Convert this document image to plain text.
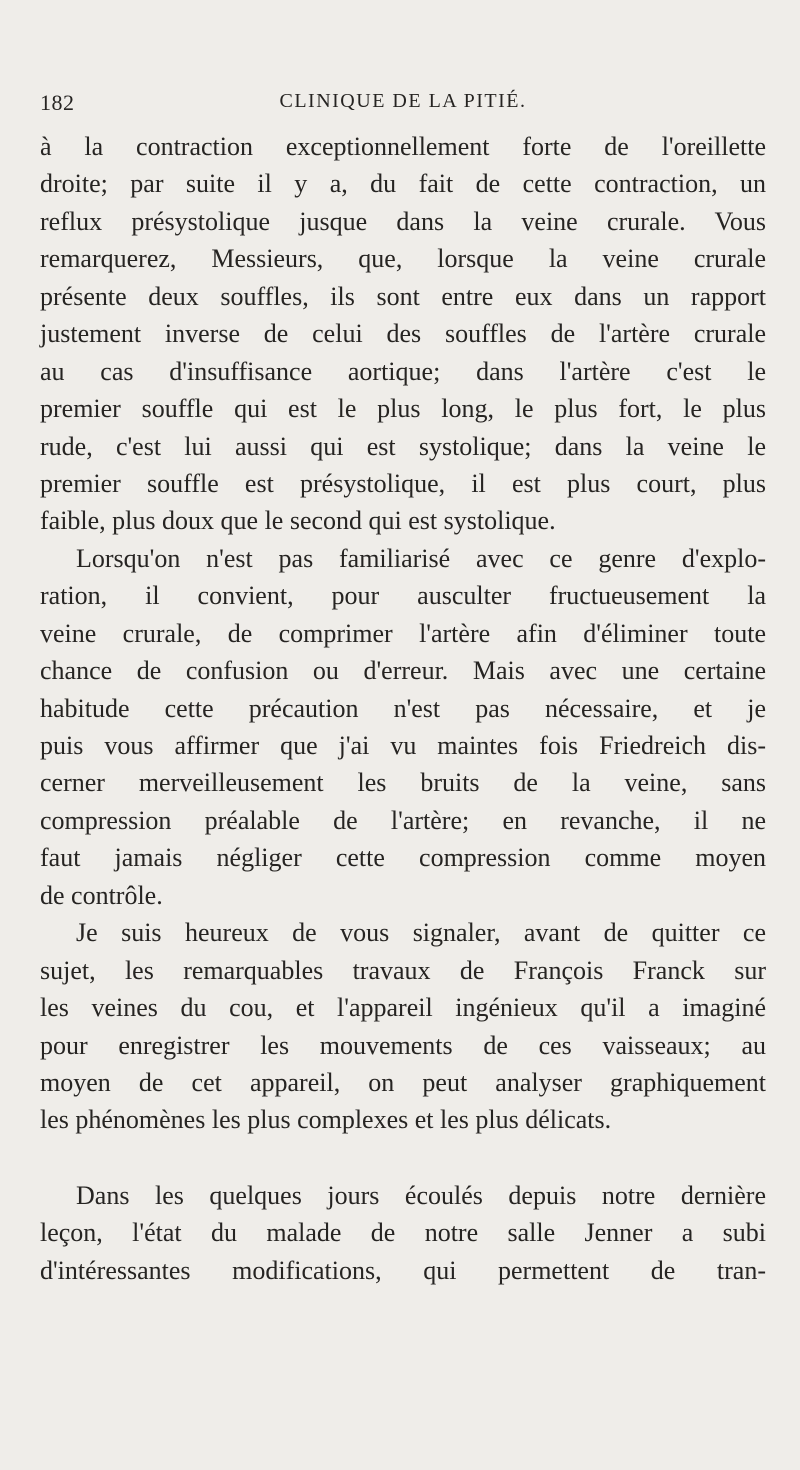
182	CLINIQUE DE LA PITIÉ.
à la contraction exceptionnellement forte de l'oreillette
droite; par suite il y a, du fait de cette contraction, un
reflux présystolique jusque dans la veine crurale. Vous
remarquerez, Messieurs, que, lorsque la veine crurale
présente deux souffles, ils sont entre eux dans un rapport
justement inverse de celui des souffles de l'artère crurale
au cas d'insuffisance aortique; dans l'artère c'est le
premier souffle qui est le plus long, le plus fort, le plus
rude, c'est lui aussi qui est systolique; dans la veine le
premier souffle est présystolique, il est plus court, plus
faible, plus doux que le second qui est systolique.
Lorsqu'on n'est pas familiarisé avec ce genre d'explo-
ration, il convient, pour ausculter fructueusement la
veine crurale, de comprimer l'artère afin d'éliminer toute
chance de confusion ou d'erreur. Mais avec une certaine
habitude cette précaution n'est pas nécessaire, et je
puis vous affirmer que j'ai vu maintes fois Friedreich dis-
cerner merveilleusement les bruits de la veine, sans
compression préalable de l'artère; en revanche, il ne
faut jamais négliger cette compression comme moyen
de contrôle.
Je suis heureux de vous signaler, avant de quitter ce
sujet, les remarquables travaux de François Franck sur
les veines du cou, et l'appareil ingénieux qu'il a imaginé
pour enregistrer les mouvements de ces vaisseaux; au
moyen de cet appareil, on peut analyser graphiquement
les phénomènes les plus complexes et les plus délicats.
Dans les quelques jours écoulés depuis notre dernière
leçon, l'état du malade de notre salle Jenner a subi
d'intéressantes modifications, qui permettent de tran-
